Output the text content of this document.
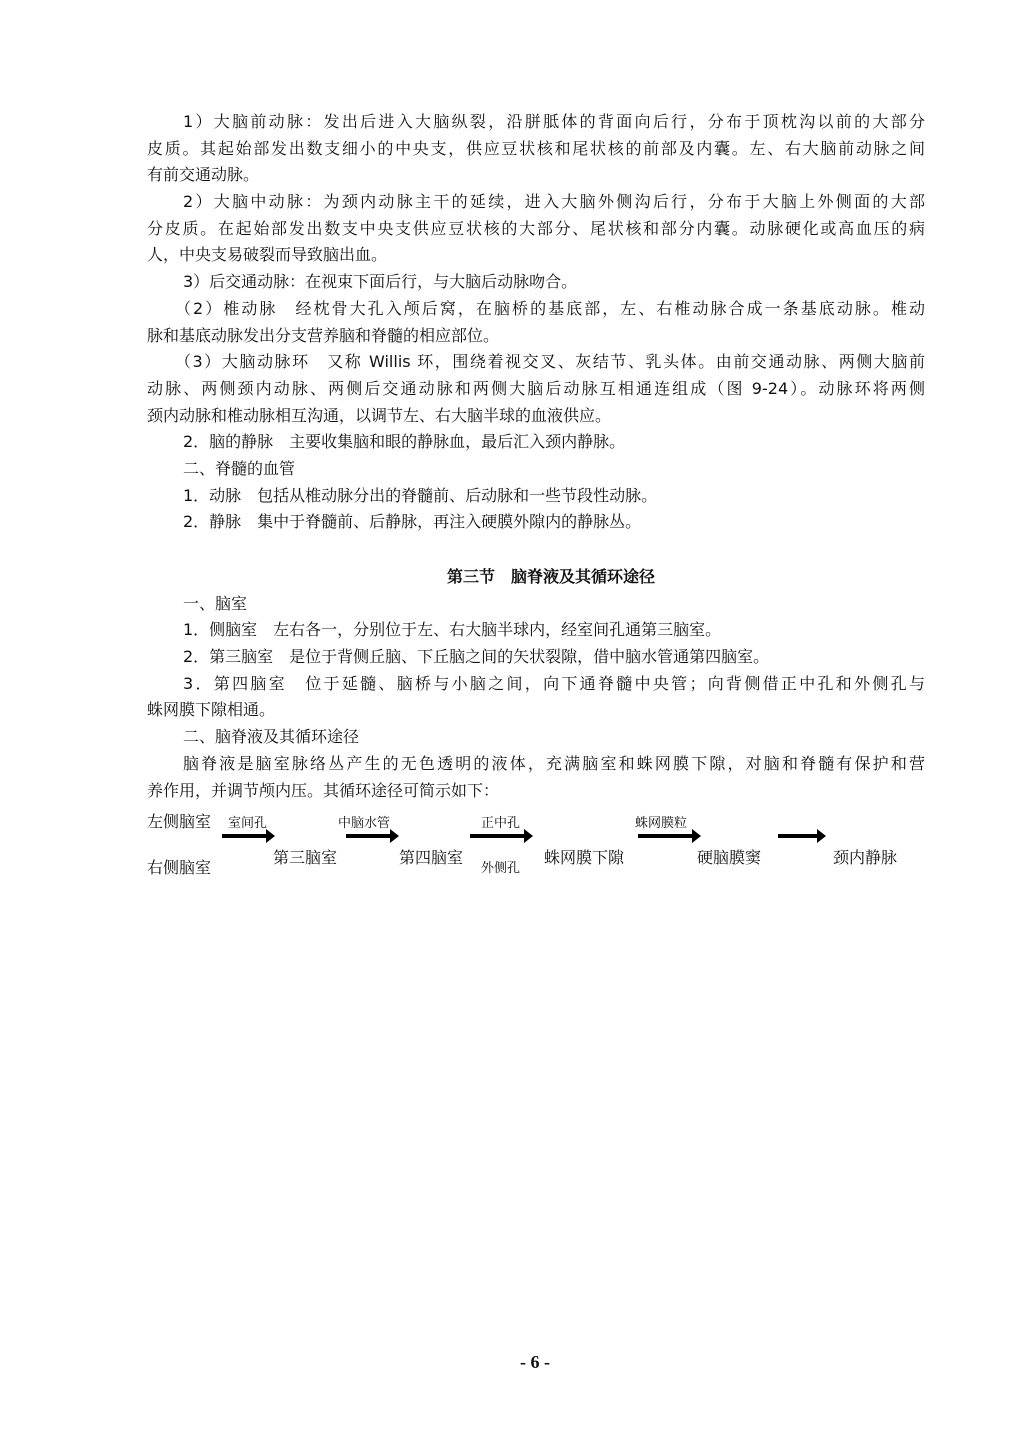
1）大脑前动脉：发出后进入大脑纵裂，沿胼胝体的背面向后行，分布于顶枕沟以前的大部分
皮质。其起始部发出数支细小的中央支，供应豆状核和尾状核的前部及内囊。左、右大脑前动脉之间
有前交通动脉。
2）大脑中动脉：为颈内动脉主干的延续，进入大脑外侧沟后行，分布于大脑上外侧面的大部
分皮质。在起始部发出数支中央支供应豆状核的大部分、尾状核和部分内囊。动脉硬化或高血压的病
人，中央支易破裂而导致脑出血。
3）后交通动脉：在视束下面后行，与大脑后动脉吻合。
（2）椎动脉　经枕骨大孔入颅后窝，在脑桥的基底部，左、右椎动脉合成一条基底动脉。椎动
脉和基底动脉发出分支营养脑和脊髓的相应部位。
（3）大脑动脉环　又称 Willis 环，围绕着视交叉、灰结节、乳头体。由前交通动脉、两侧大脑前
动脉、两侧颈内动脉、两侧后交通动脉和两侧大脑后动脉互相通连组成（图 9-24）。动脉环将两侧
颈内动脉和椎动脉相互沟通，以调节左、右大脑半球的血液供应。
2．脑的静脉　主要收集脑和眼的静脉血，最后汇入颈内静脉。
二、脊髓的血管
1．动脉　包括从椎动脉分出的脊髓前、后动脉和一些节段性动脉。
2．静脉　集中于脊髓前、后静脉，再注入硬膜外隙内的静脉丛。
第三节　脑脊液及其循环途径
一、脑室
1．侧脑室　左右各一，分别位于左、右大脑半球内，经室间孔通第三脑室。
2．第三脑室　是位于背侧丘脑、下丘脑之间的矢状裂隙，借中脑水管通第四脑室。
3．第四脑室　位于延髓、脑桥与小脑之间，向下通脊髓中央管；向背侧借正中孔和外侧孔与
蛛网膜下隙相通。
二、脑脊液及其循环途径
脑脊液是脑室脉络丛产生的无色透明的液体，充满脑室和蛛网膜下隙，对脑和脊髓有保护和营
养作用，并调节颅内压。其循环途径可简示如下：
左侧脑室
右侧脑室
室间孔
第三脑室
中脑水管
第四脑室
正中孔
外侧孔
蛛网膜下隙
蛛网膜粒
硬脑膜窦	颈内静脉
- 6 -
